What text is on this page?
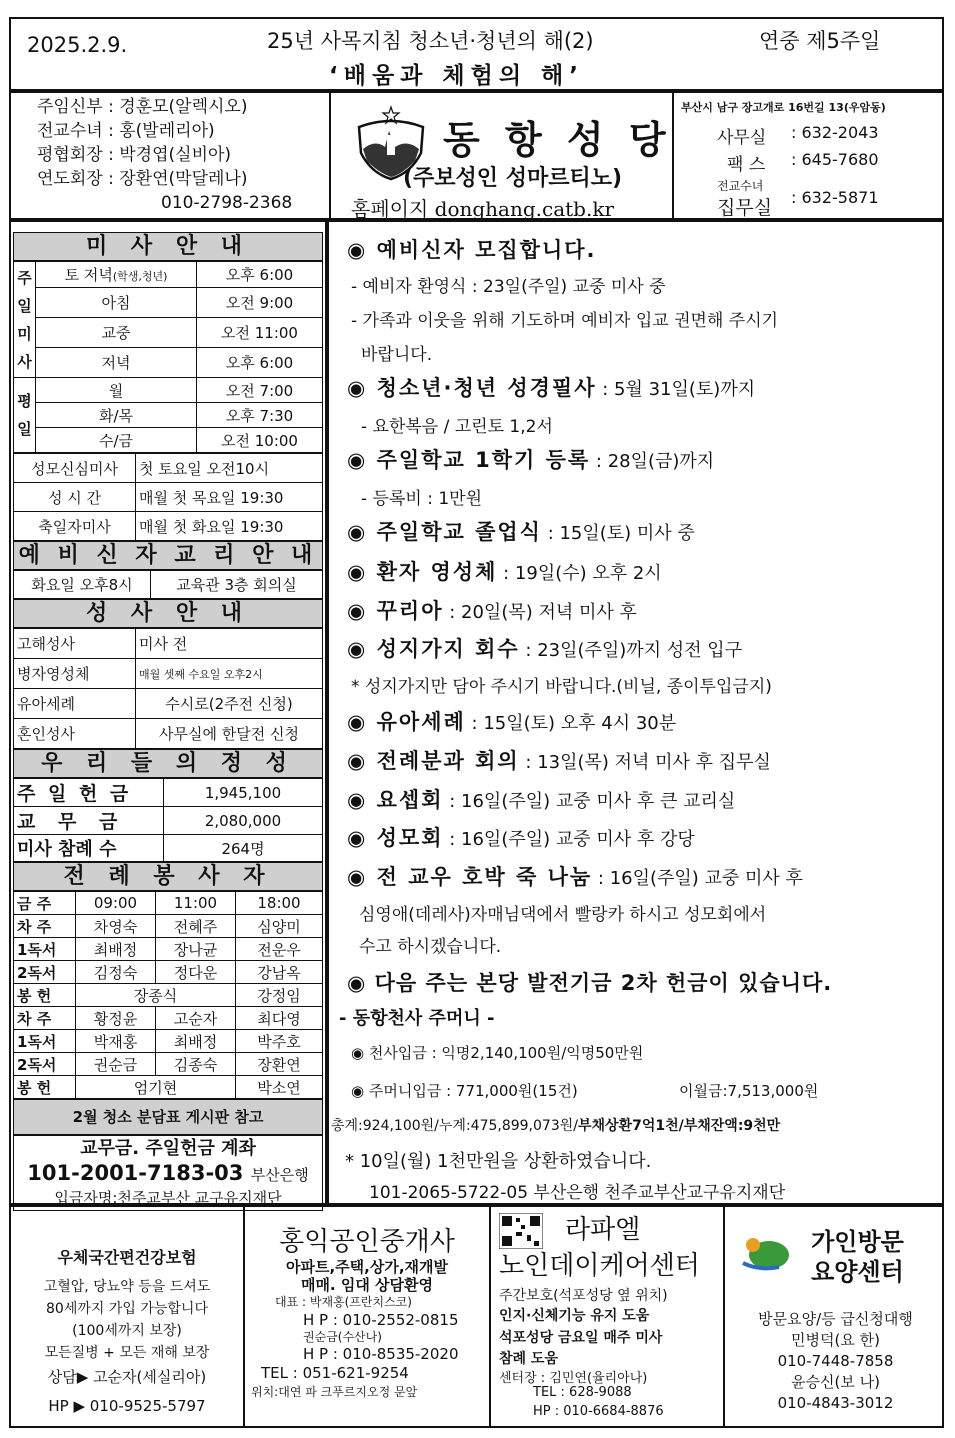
2025.2.9.	25년 사목지침 청소년·청년의 해(2)	연중 제5주일
‘배움과 체험의 해’
주임신부 : 경훈모(알렉시오)
전교수녀 : 홍(발레리아)
평협회장 : 박경엽(실비아)
연도회장 : 장환연(막달레나)
010-2798-2368
동 항 성 당
(주보성인 성마르티노)
홈페이지 donghang.catb.kr
부산시 남구 장고개로 16번길 13(우암동)
사무실 : 632-2043
팩 스 : 645-7680
전교수녀
집무실 : 632-5871
미 사 안 내
주
일
미
사	토 저녁(학생,청년)	오후 6:00
	아침	오전 9:00
	교중	오전 11:00
	저녁	오후 6:00
평
일	월	오전 7:00
	화/목	오후 7:30
	수/금	오전 10:00
성모신심미사	첫 토요일 오전10시
성 시 간	매월 첫 목요일 19:30
축일자미사	매월 첫 화요일 19:30
예 비 신 자 교 리 안 내
화요일 오후8시	교육관 3층 회의실
성 사 안 내
고해성사	미사 전
병자영성체	매월 셋째 수요일 오후2시
유아세례	수시로(2주전 신청)
혼인성사	사무실에 한달전 신청
우 리 들 의 정 성
주 일 헌 금	1,945,100
교 무 금	2,080,000
미사 참례 수	264명
전 례 봉 사 자
금 주	09:00	11:00	18:00
차 주	차영숙	전혜주	심양미
1독서	최배정	장나균	전운우
2독서	김정숙	정다운	강남옥
봉 헌	장종식		강정임
차 주	황정윤	고순자	최다영
1독서	박재홍	최배정	박주호
2독서	권순금	김종숙	장환연
봉 헌	엄기현		박소연
2월 청소 분담표 게시판 참고
교무금. 주일헌금 계좌
101-2001-7183-03 부산은행
입금자명:천주교부산 교구유지재단
◉ 예비신자 모집합니다.
- 예비자 환영식 : 23일(주일) 교중 미사 중
- 가족과 이웃을 위해 기도하며 예비자 입교 권면해 주시기
바랍니다.
◉ 청소년·청년 성경필사 : 5월 31일(토)까지
- 요한복음 / 고린토 1,2서
◉ 주일학교 1학기 등록 : 28일(금)까지
- 등록비 : 1만원
◉ 주일학교 졸업식 : 15일(토) 미사 중
◉ 환자 영성체 : 19일(수) 오후 2시
◉ 꾸리아 : 20일(목) 저녁 미사 후
◉ 성지가지 회수 : 23일(주일)까지 성전 입구
* 성지가지만 담아 주시기 바랍니다.(비닐, 종이투입금지)
◉ 유아세례 : 15일(토) 오후 4시 30분
◉ 전례분과 회의 : 13일(목) 저녁 미사 후 집무실
◉ 요셉회 : 16일(주일) 교중 미사 후 큰 교리실
◉ 성모회 : 16일(주일) 교중 미사 후 강당
◉ 전 교우 호박 죽 나눔 : 16일(주일) 교중 미사 후
심영애(데레사)자매님댁에서 빨랑카 하시고 성모회에서
수고 하시겠습니다.
◉ 다음 주는 본당 발전기금 2차 헌금이 있습니다.
- 동항천사 주머니 -
◉ 천사입금 : 익명2,140,100원/익명50만원
◉ 주머니입금 : 771,000원(15건)	이월금:7,513,000원
총계:924,100원/누계:475,899,073원/부채상환7억1천/부채잔액:9천만
* 10일(월) 1천만원을 상환하였습니다.
101-2065-5722-05 부산은행 천주교부산교구유지재단
우체국간편건강보험
고혈압, 당뇨약 등을 드셔도
80세까지 가입 가능합니다
(100세까지 보장)
모든질병 + 모든 재해 보장
상담▶ 고순자(세실리아)
HP ▶ 010-9525-5797
홍익공인중개사
아파트,주택,상가,재개발
매매. 임대 상담환영
대표 : 박재홍(프란치스코)
H P : 010-2552-0815
권순금(수산나)
H P : 010-8535-2020
TEL : 051-621-9254
위치:대연 파 크푸르지오정 문앞
라파엘
노인데이케어센터
주간보호(석포성당 옆 위치)
인지·신체기능 유지 도움
석포성당 금요일 매주 미사
참례 도움
센터장 : 김민연(율리아나)
TEL : 628-9088
HP : 010-6684-8876
가인방문
요양센터
방문요양/등 급신청대행
민병덕(요 한)
010-7448-7858
윤승신(보 나)
010-4843-3012
